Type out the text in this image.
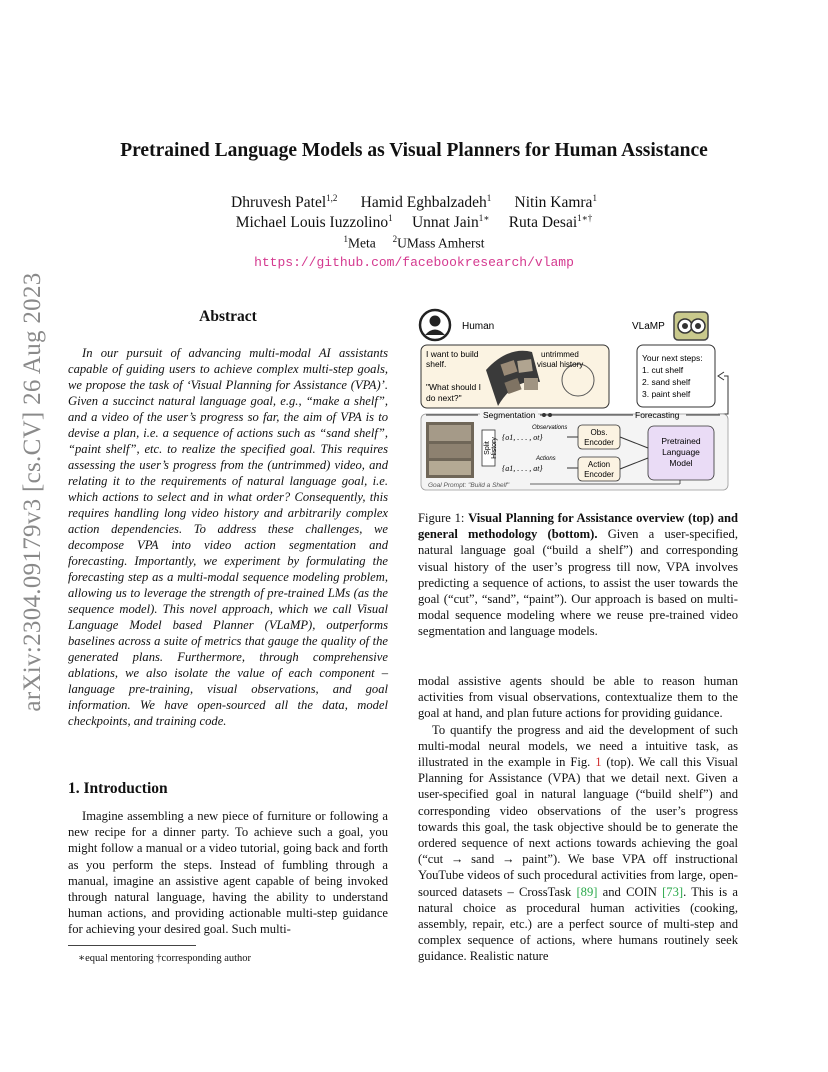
arXiv:2304.09179v3 [cs.CV] 26 Aug 2023
Pretrained Language Models as Visual Planners for Human Assistance
Dhruvesh Patel$^{1,2}$ Hamid Eghbalzadeh$^1$ Nitin Kamra$^1$
Michael Louis Iuzzolino$^1$ Unnat Jain$^{1∗}$ Ruta Desai$^{1∗\dagger}$
$^1$Meta $^2$UMass Amherst
https://github.com/facebookresearch/vlamp
Abstract
In our pursuit of advancing multi-modal AI assistants capable of guiding users to achieve complex multi-step goals, we propose the task of ‘Visual Planning for Assistance (VPA)’. Given a succinct natural language goal, e.g., “make a shelf”, and a video of the user’s progress so far, the aim of VPA is to devise a plan, i.e. a sequence of actions such as “sand shelf”, “paint shelf”, etc. to realize the specified goal. This requires assessing the user’s progress from the (untrimmed) video, and relating it to the requirements of natural language goal, i.e. which actions to select and in what order? Consequently, this requires handling long video history and arbitrarily complex action dependencies. To address these challenges, we decompose VPA into video action segmentation and forecasting. Importantly, we experiment by formulating the forecasting step as a multi-modal sequence modeling problem, allowing us to leverage the strength of pre-trained LMs (as the sequence model). This novel approach, which we call Visual Language Model based Planner (VLaMP), outperforms baselines across a suite of metrics that gauge the quality of the generated plans. Furthermore, through comprehensive ablations, we also isolate the value of each component – language pre-training, visual observations, and goal information. We have open-sourced all the data, model checkpoints, and training code.
1. Introduction
Imagine assembling a new piece of furniture or following a new recipe for a dinner party. To achieve such a goal, you might follow a manual or a video tutorial, going back and forth as you perform the steps. Instead of fumbling through a manual, imagine an assistive agent capable of being invoked through natural language, having the ability to understand human actions, and providing actionable multi-step guidance for achieving your desired goal. Such multi-
∗equal mentoring †corresponding author
Human	VLaMP
I want to build
shelf.
"What should I
do next?"
untrimmed
visual history
Your next steps:
1. cut shelf
2. sand shelf
3. paint shelf
Segmentation	Forecasting
Split History
Observations
{o1, . . . , ot}
Actions
{a1, . . . , at}
Obs.
Encoder
Action
Encoder
Pretrained
Language
Model
Goal Prompt: "Build a Shelf"
Figure 1: Visual Planning for Assistance overview (top) and general methodology (bottom). Given a user-specified, natural language goal (“build a shelf”) and corresponding visual history of the user’s progress till now, VPA involves predicting a sequence of actions, to assist the user towards the goal (“cut”, “sand”, “paint”). Our approach is based on multi-modal sequence modeling where we reuse pre-trained video segmentation and language models.

modal assistive agents should be able to reason human activities from visual observations, contextualize them to the goal at hand, and plan future actions for providing guidance.

To quantify the progress and aid the development of such multi-modal neural models, we need a intuitive task, as illustrated in the example in Fig. 1 (top). We call this Visual Planning for Assistance (VPA) that we detail next. Given a user-specified goal in natural language (“build shelf”) and corresponding video observations of the user’s progress towards this goal, the task objective should be to generate the ordered sequence of next actions towards achieving the goal (“cut → sand → paint”). We base VPA off instructional YouTube videos of such procedural activities from large, open-sourced datasets – CrossTask [89] and COIN [73]. This is a natural choice as procedural human activities (cooking, assembly, repair, etc.) are a perfect source of multi-step and complex sequence of actions, where humans routinely seek guidance. Realistic nature
